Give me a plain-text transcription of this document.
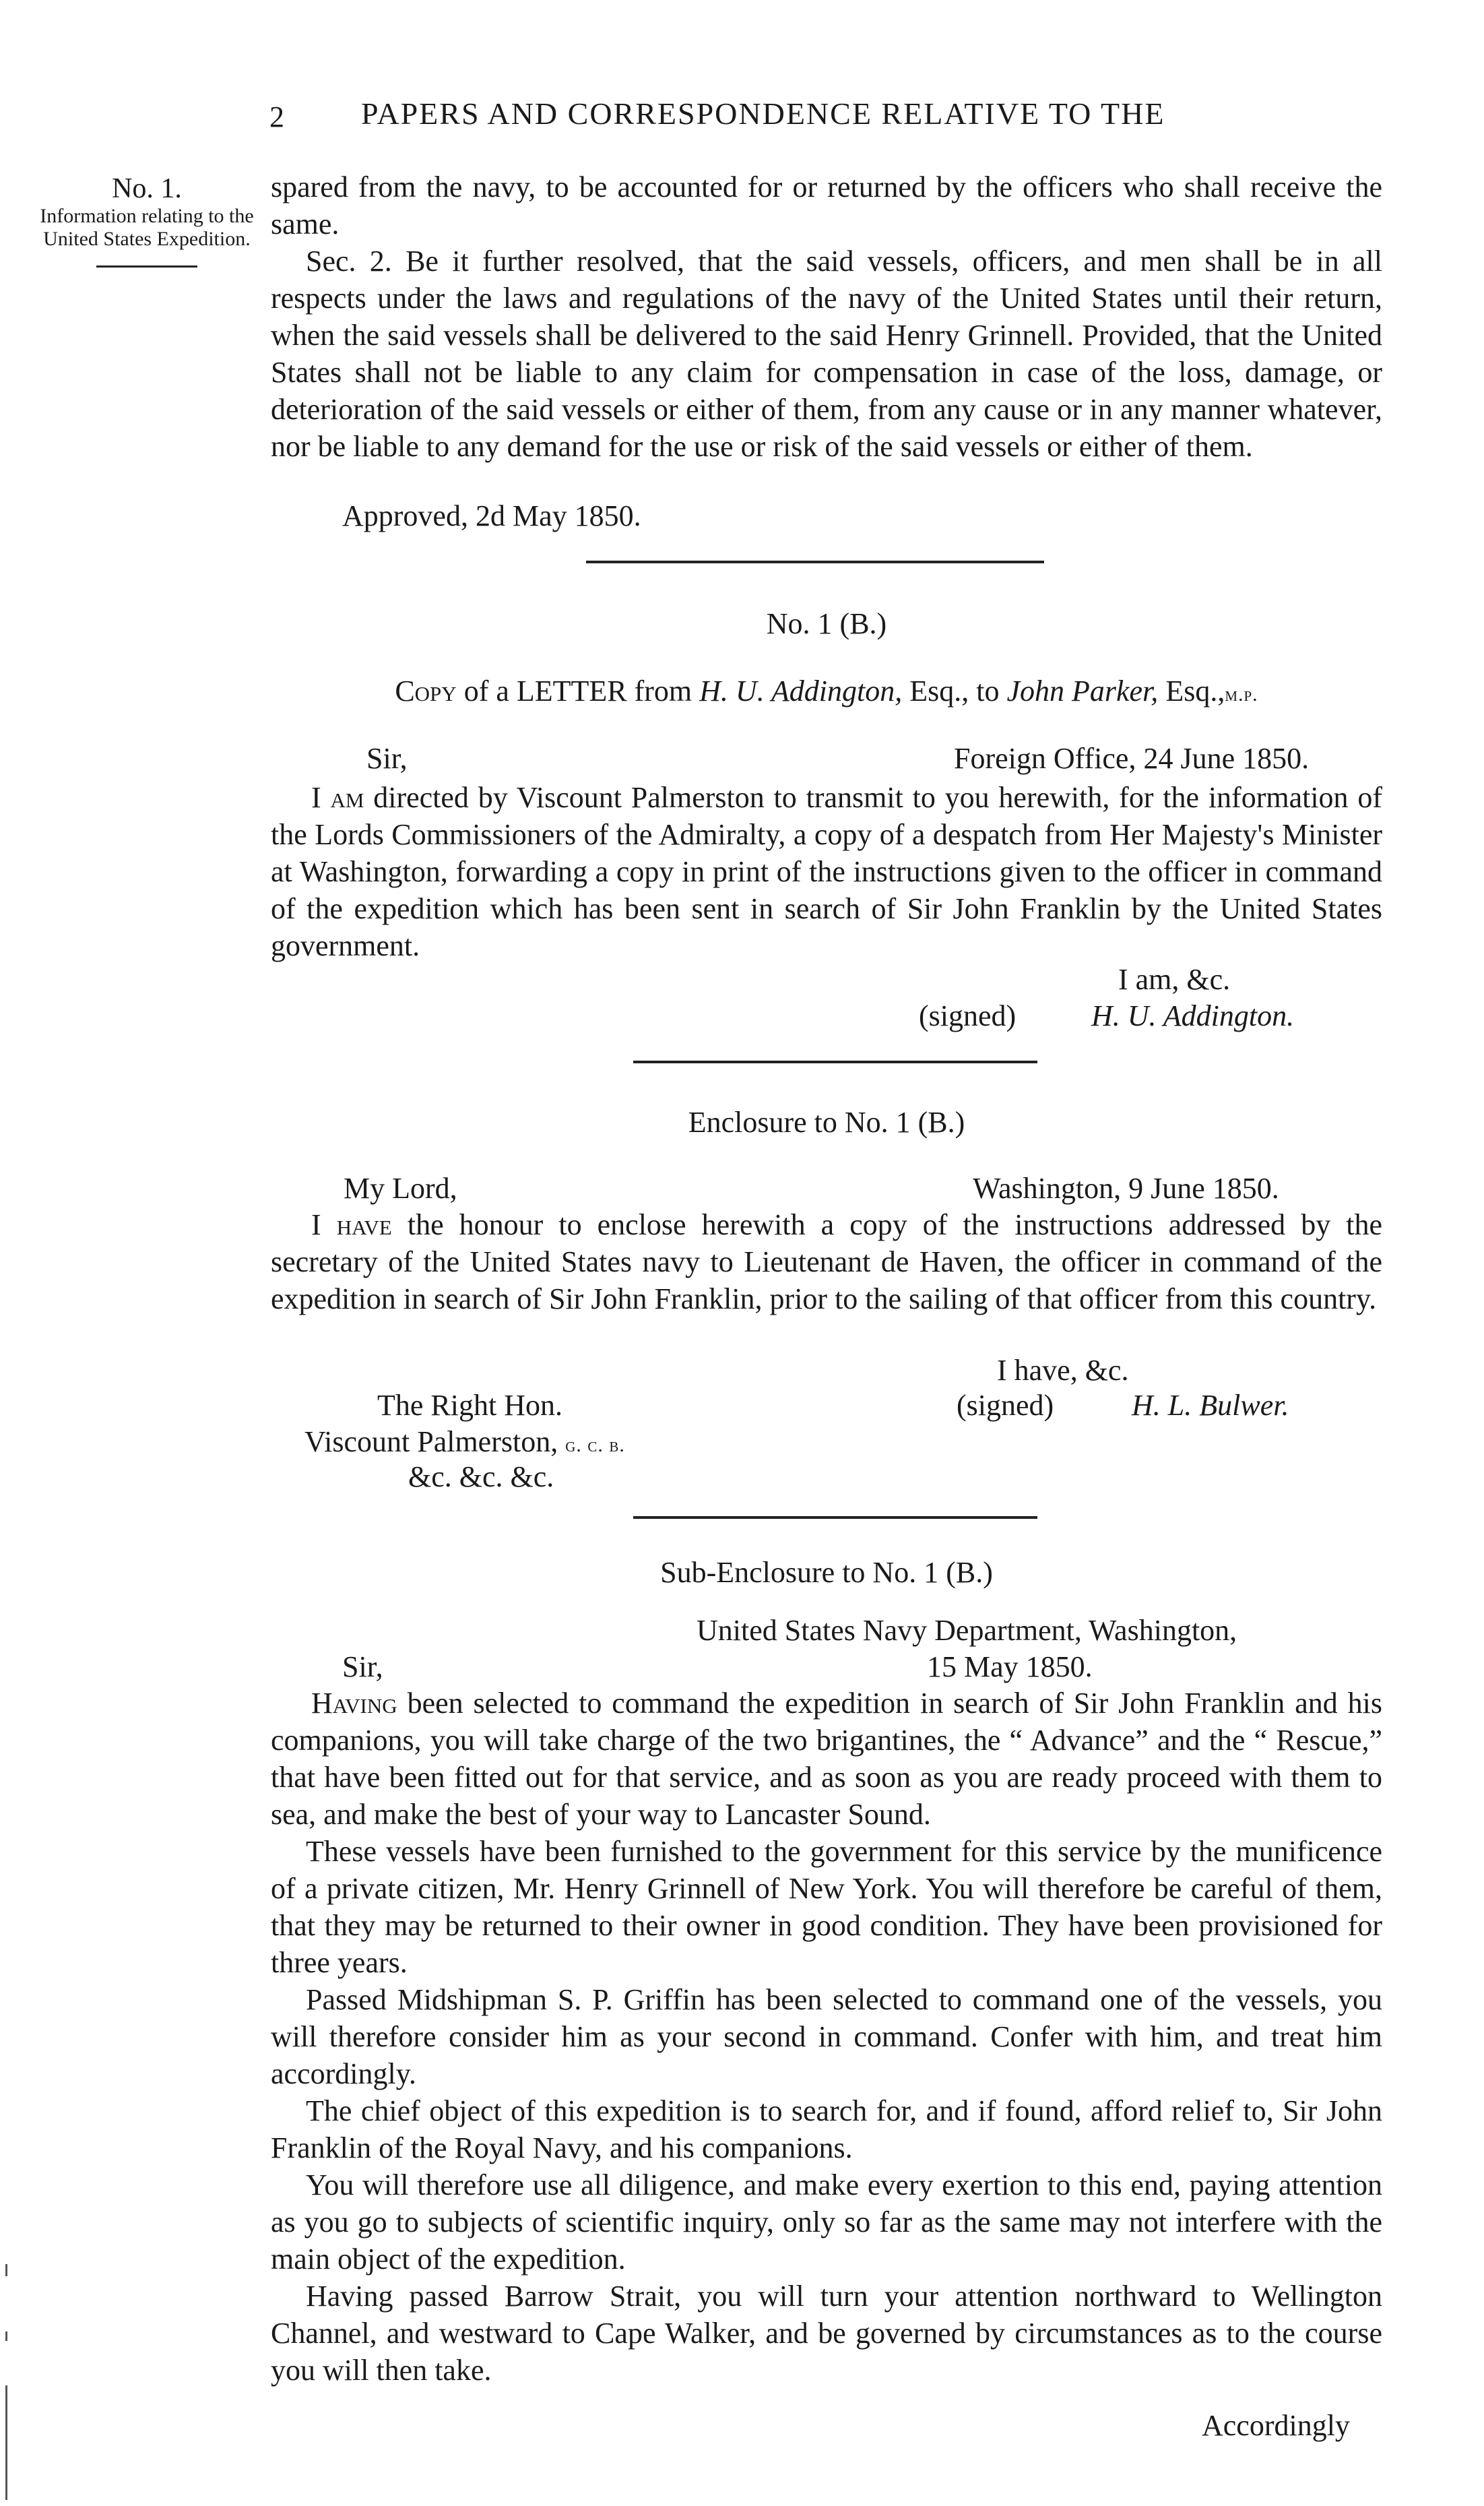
2 PAPERS AND CORRESPONDENCE RELATIVE TO THE
No. 1.
Information relating to the United States Expedition.

spared from the navy, to be accounted for or returned by the officers who shall receive the same.

Sec. 2. Be it further resolved, that the said vessels, officers, and men shall be in all respects under the laws and regulations of the navy of the United States until their return, when the said vessels shall be delivered to the said Henry Grinnell. Provided, that the United States shall not be liable to any claim for compensation in case of the loss, damage, or deterioration of the said vessels or either of them, from any cause or in any manner whatever, nor be liable to any demand for the use or risk of the said vessels or either of them.

Approved, 2d May 1850.
No. 1 (B.)
Copy of a LETTER from H. U. Addington, Esq., to John Parker, Esq.,m.p.
Sir,	Foreign Office, 24 June 1850.

I am directed by Viscount Palmerston to transmit to you herewith, for the information of the Lords Commissioners of the Admiralty, a copy of a despatch from Her Majesty's Minister at Washington, forwarding a copy in print of the instructions given to the officer in command of the expedition which has been sent in search of Sir John Franklin by the United States government.

I am, &c.
(signed)	H. U. Addington.
Enclosure to No. 1 (B.)
My Lord,	Washington, 9 June 1850.

I have the honour to enclose herewith a copy of the instructions addressed by the secretary of the United States navy to Lieutenant de Haven, the officer in command of the expedition in search of Sir John Franklin, prior to the sailing of that officer from this country.

I have, &c.
The Right Hon.	(signed)	H. L. Bulwer.
Viscount Palmerston, g. c. b.
&c. &c. &c.
Sub-Enclosure to No. 1 (B.)
United States Navy Department, Washington,
Sir,	15 May 1850.

Having been selected to command the expedition in search of Sir John Franklin and his companions, you will take charge of the two brigantines, the “ Advance” and the “ Rescue,” that have been fitted out for that service, and as soon as you are ready proceed with them to sea, and make the best of your way to Lancaster Sound.

These vessels have been furnished to the government for this service by the munificence of a private citizen, Mr. Henry Grinnell of New York. You will therefore be careful of them, that they may be returned to their owner in good condition. They have been provisioned for three years.

Passed Midshipman S. P. Griffin has been selected to command one of the vessels, you will therefore consider him as your second in command. Confer with him, and treat him accordingly.

The chief object of this expedition is to search for, and if found, afford relief to, Sir John Franklin of the Royal Navy, and his companions.

You will therefore use all diligence, and make every exertion to this end, paying attention as you go to subjects of scientific inquiry, only so far as the same may not interfere with the main object of the expedition.

Having passed Barrow Strait, you will turn your attention northward to Wellington Channel, and westward to Cape Walker, and be governed by circumstances as to the course you will then take.

Accordingly
